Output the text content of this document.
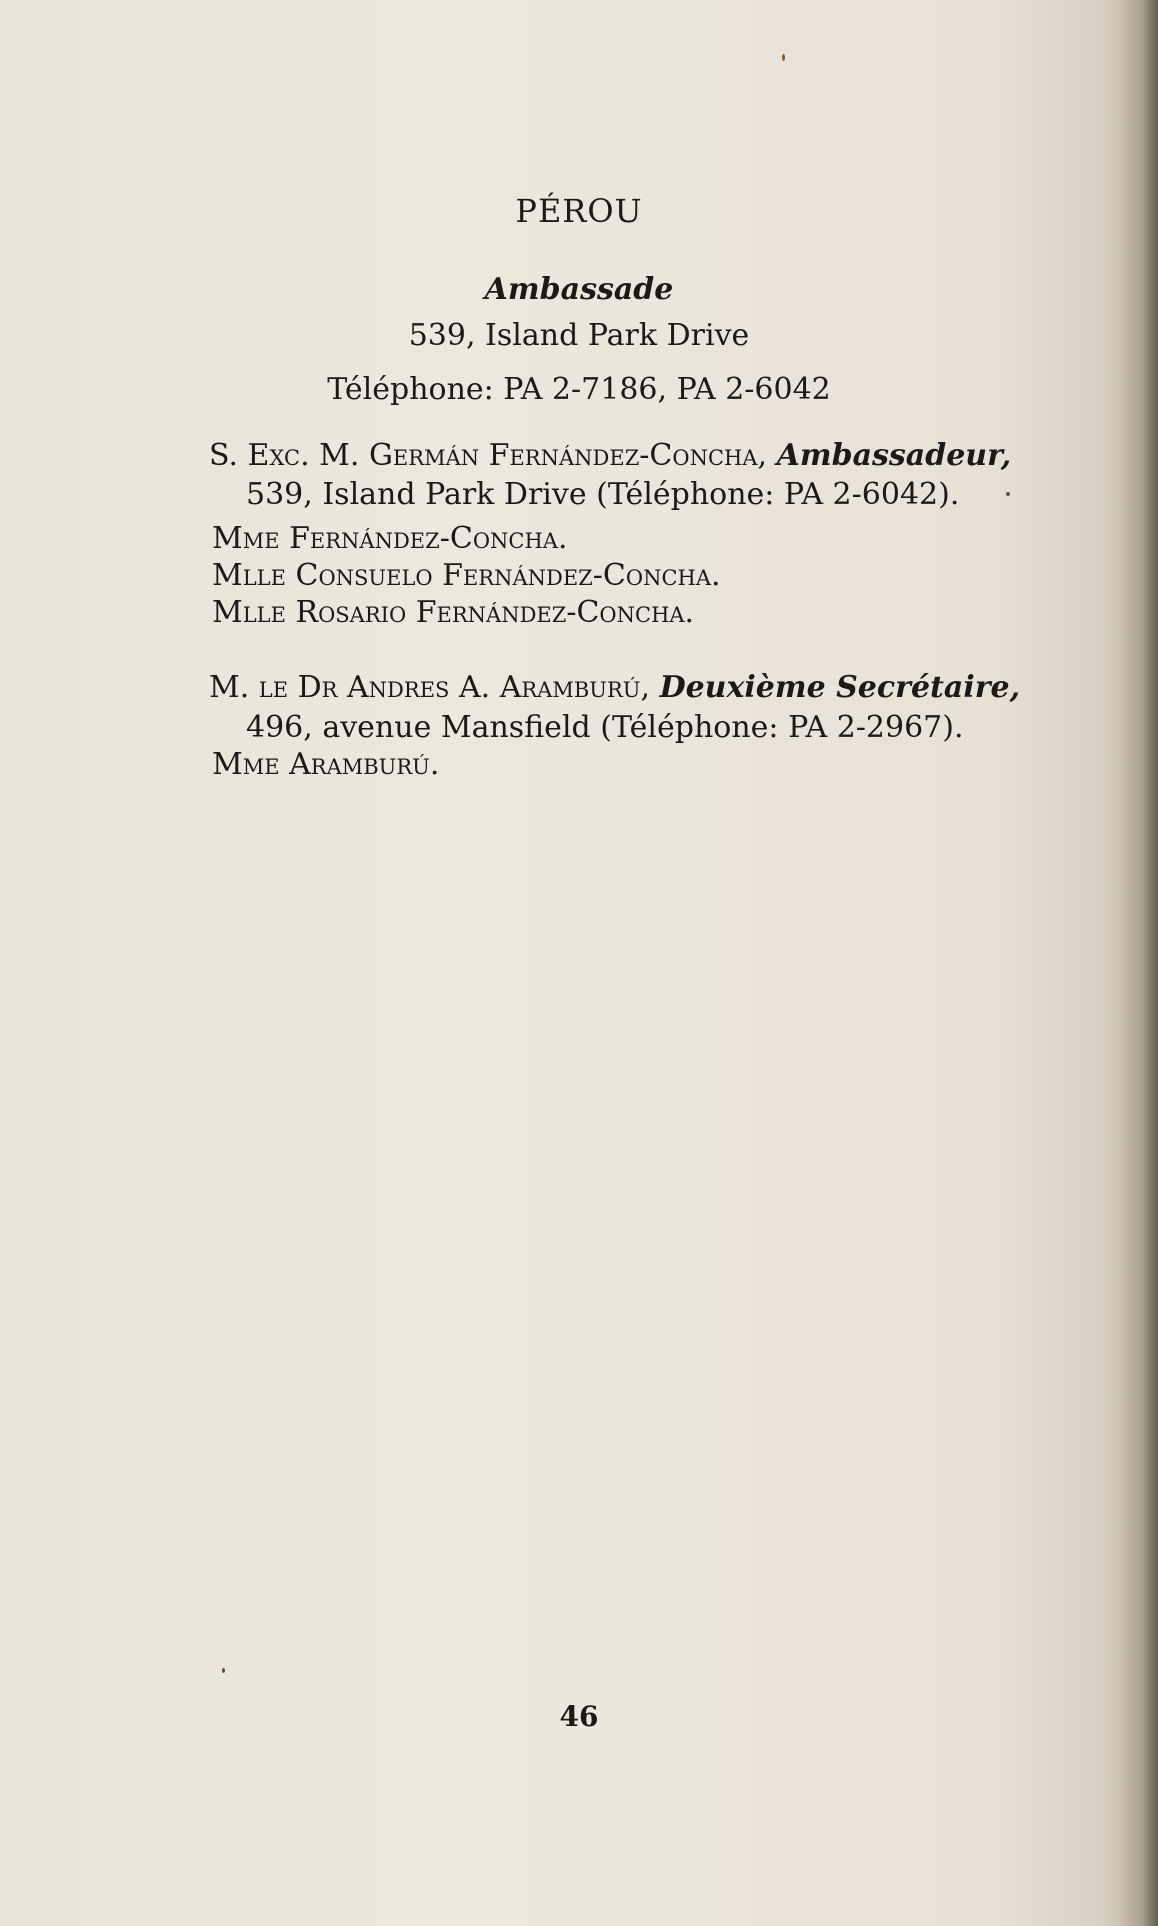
PÉROU
Ambassade
539, Island Park Drive
Téléphone: PA 2-7186, PA 2-6042
S. Exc. M. Germán Fernández-Concha, Ambassadeur,
539, Island Park Drive (Téléphone: PA 2-6042).
Mme Fernández-Concha.
Mlle Consuelo Fernández-Concha.
Mlle Rosario Fernández-Concha.
M. le Dr Andres A. Aramburú, Deuxième Secrétaire,
496, avenue Mansfield (Téléphone: PA 2-2967).
Mme Aramburú.
46
